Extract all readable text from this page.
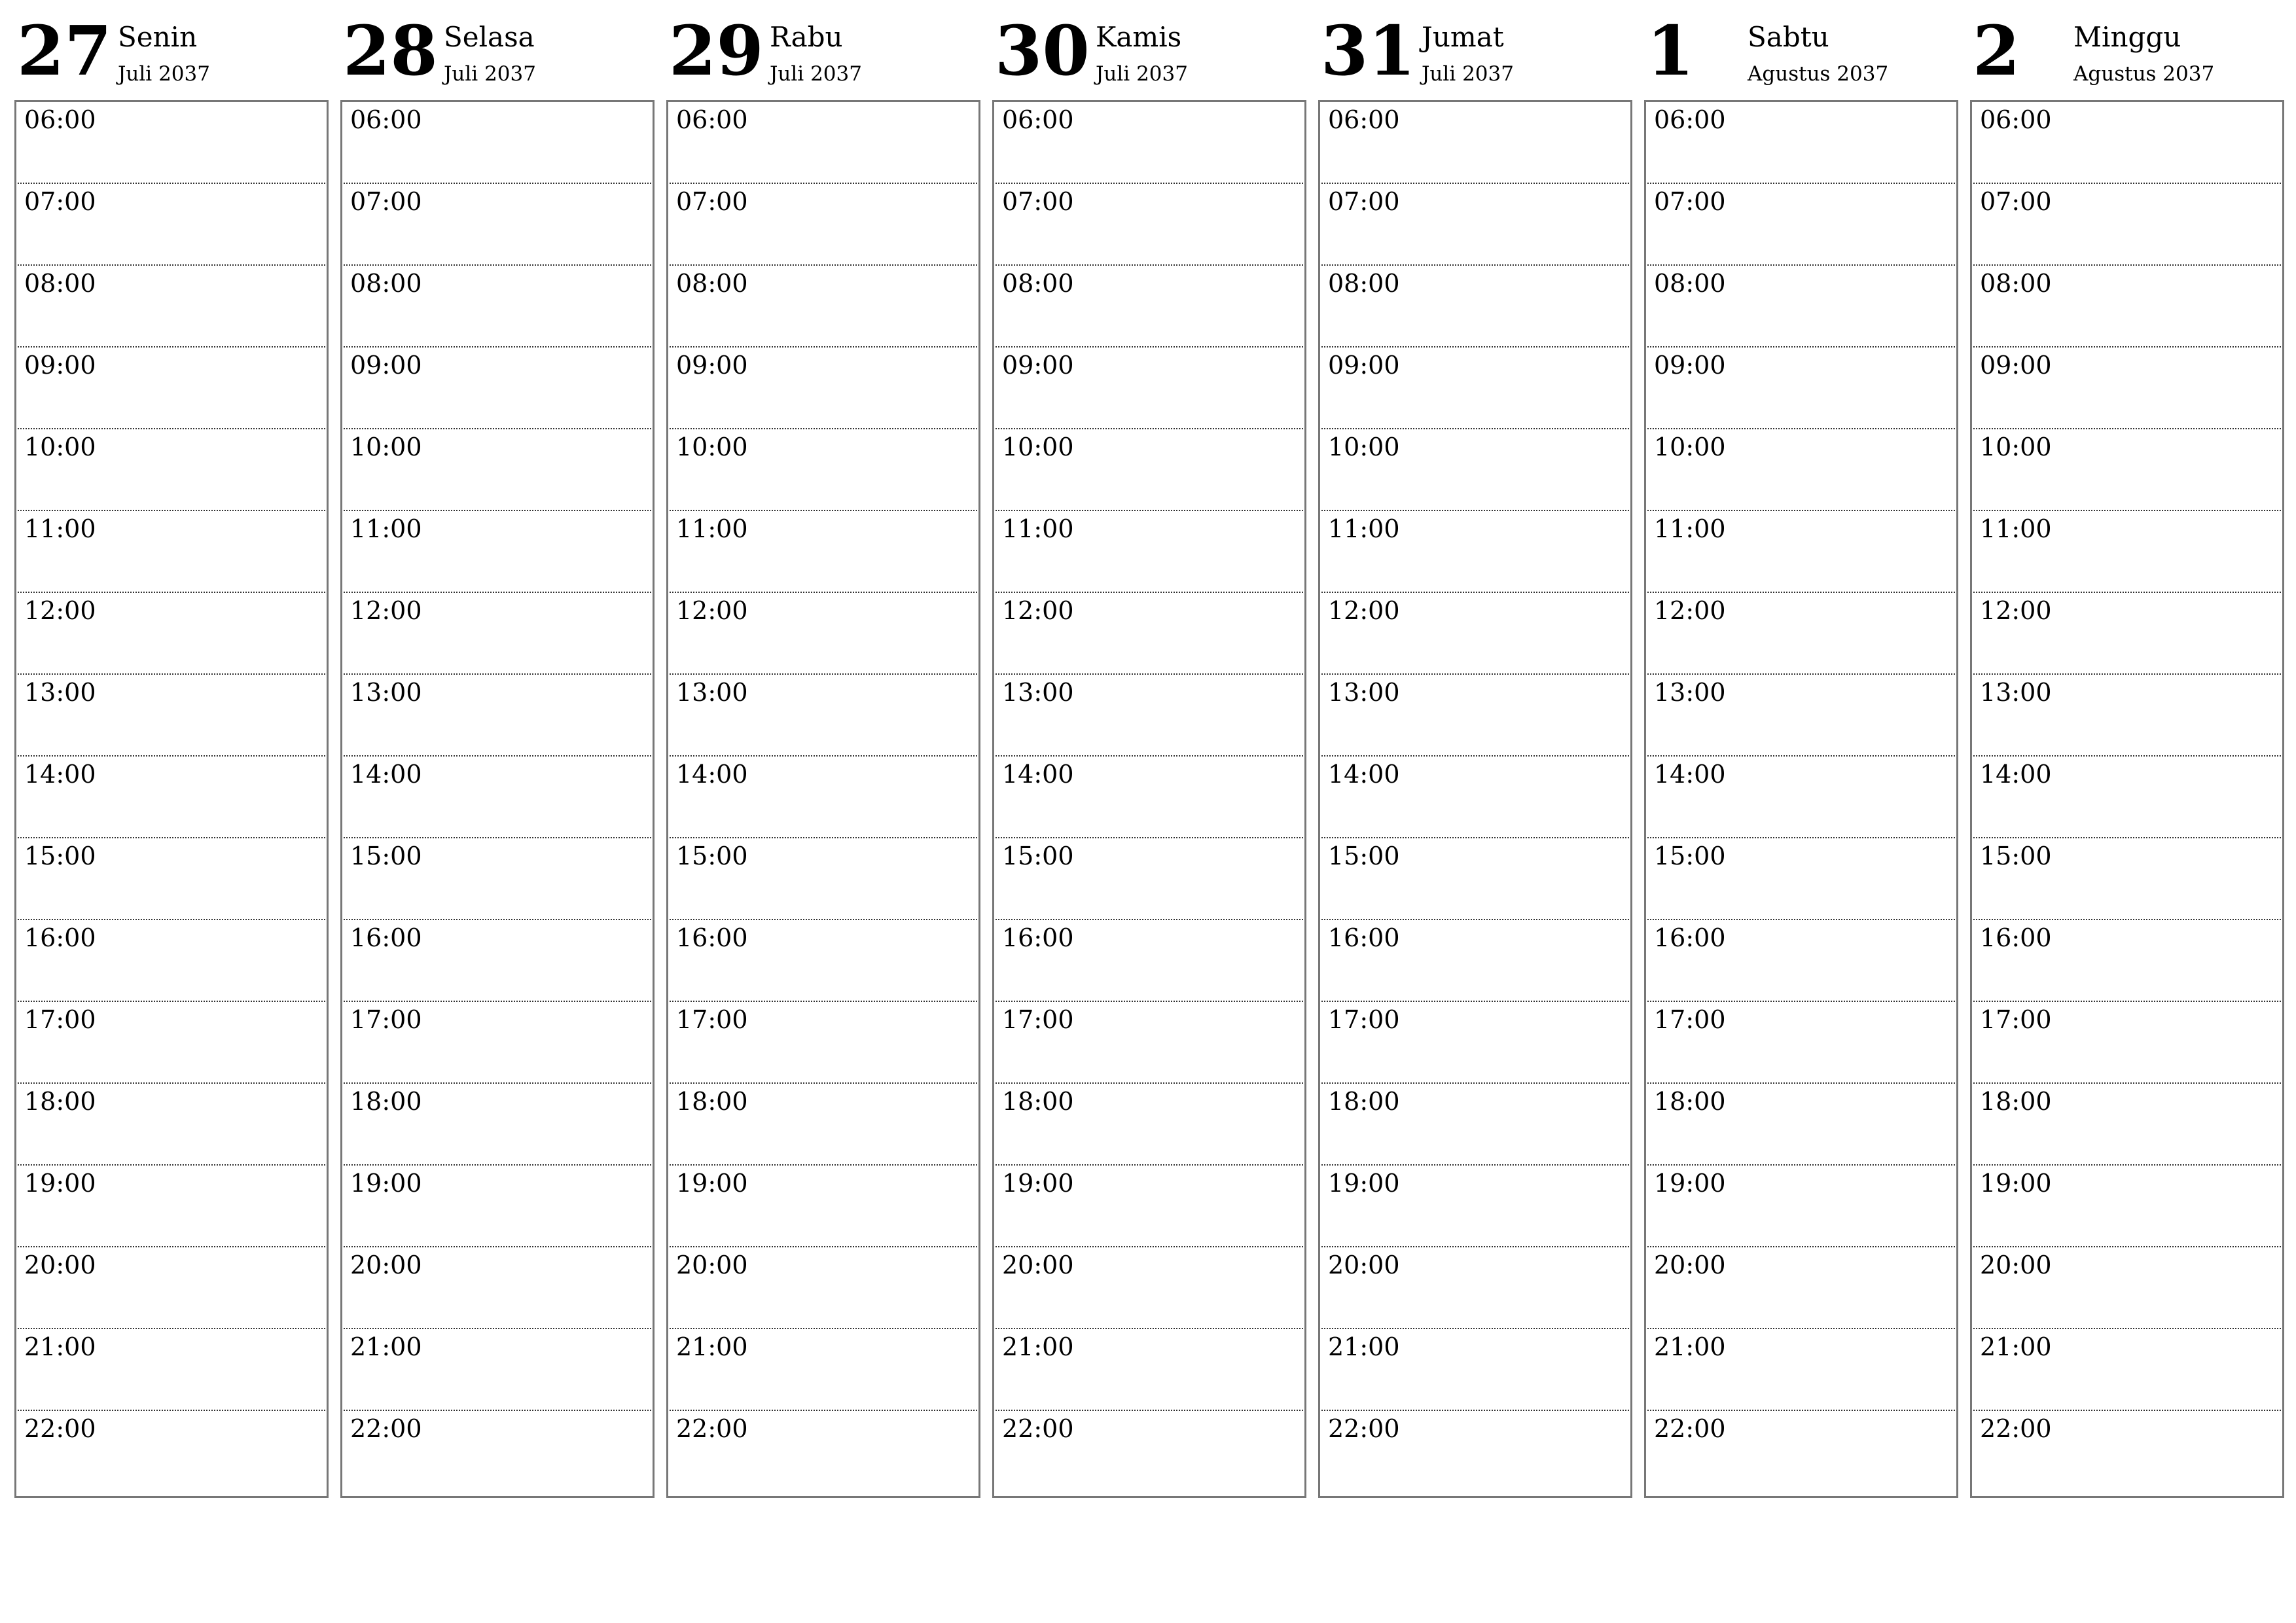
27 Senin
Juli 2037
06:00
07:00
08:00
09:00
10:00
11:00
12:00
13:00
14:00
15:00
16:00
17:00
18:00
19:00
20:00
21:00
22:00
28 Selasa
Juli 2037
06:00
07:00
08:00
09:00
10:00
11:00
12:00
13:00
14:00
15:00
16:00
17:00
18:00
19:00
20:00
21:00
22:00
29 Rabu
Juli 2037
06:00
07:00
08:00
09:00
10:00
11:00
12:00
13:00
14:00
15:00
16:00
17:00
18:00
19:00
20:00
21:00
22:00
30 Kamis
Juli 2037
06:00
07:00
08:00
09:00
10:00
11:00
12:00
13:00
14:00
15:00
16:00
17:00
18:00
19:00
20:00
21:00
22:00
31 Jumat
Juli 2037
06:00
07:00
08:00
09:00
10:00
11:00
12:00
13:00
14:00
15:00
16:00
17:00
18:00
19:00
20:00
21:00
22:00
1 Sabtu
Agustus 2037
06:00
07:00
08:00
09:00
10:00
11:00
12:00
13:00
14:00
15:00
16:00
17:00
18:00
19:00
20:00
21:00
22:00
2 Minggu
Agustus 2037
06:00
07:00
08:00
09:00
10:00
11:00
12:00
13:00
14:00
15:00
16:00
17:00
18:00
19:00
20:00
21:00
22:00
